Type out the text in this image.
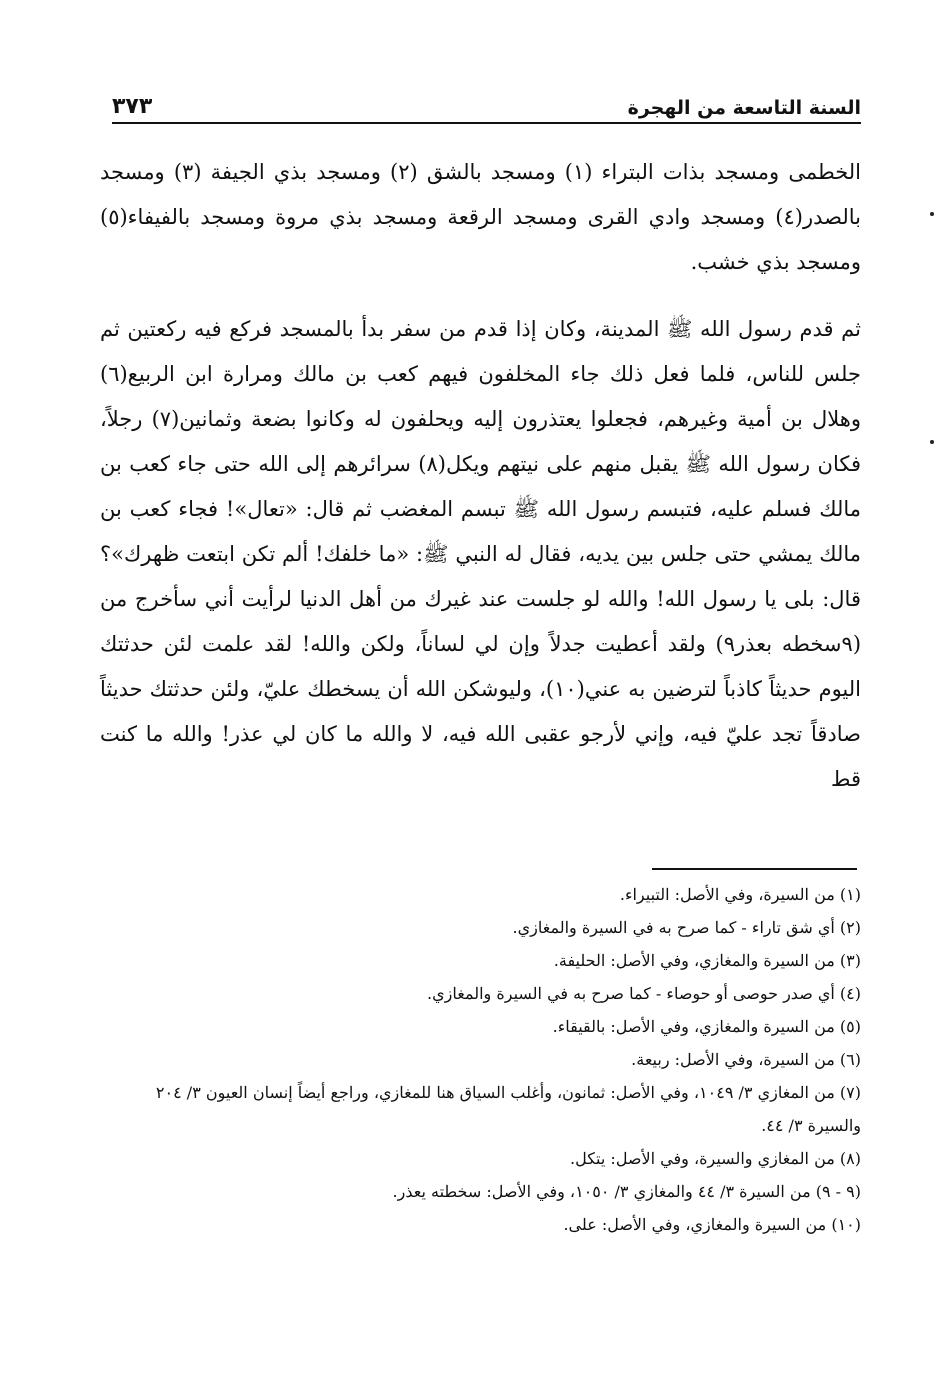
السنة التاسعة من الهجرة
٣٧٣

الخطمى ومسجد بذات البتراء (١) ومسجد بالشق (٢) ومسجد بذي الجيفة (٣) ومسجد بالصدر(٤) ومسجد وادي القرى ومسجد الرقعة ومسجد بذي مروة ومسجد بالفيفاء(٥) ومسجد بذي خشب.

ثم قدم رسول الله ﷺ المدينة، وكان إذا قدم من سفر بدأ بالمسجد فركع فيه ركعتين ثم جلس للناس، فلما فعل ذلك جاء المخلفون فيهم كعب بن مالك ومرارة ابن الربيع(٦) وهلال بن أمية وغيرهم، فجعلوا يعتذرون إليه ويحلفون له وكانوا بضعة وثمانين(٧) رجلاً، فكان رسول الله ﷺ يقبل منهم على نيتهم ويكل(٨) سرائرهم إلى الله حتى جاء كعب بن مالك فسلم عليه، فتبسم رسول الله ﷺ تبسم المغضب ثم قال: «تعال»! فجاء كعب بن مالك يمشي حتى جلس بين يديه، فقال له النبي ﷺ: «ما خلفك! ألم تكن ابتعت ظهرك»؟ قال: بلى يا رسول الله! والله لو جلست عند غيرك من أهل الدنيا لرأيت أني سأخرج من (٩سخطه بعذر٩) ولقد أعطيت جدلاً وإن لي لساناً، ولكن والله! لقد علمت لئن حدثتك اليوم حديثاً كاذباً لترضين به عني(١٠)، وليوشكن الله أن يسخطك عليّ، ولئن حدثتك حديثاً صادقاً تجد عليّ فيه، وإني لأرجو عقبى الله فيه، لا والله ما كان لي عذر! والله ما كنت قط

(١) من السيرة، وفي الأصل: التبيراء.

(٢) أي شق تاراء - كما صرح به في السيرة والمغازي.

(٣) من السيرة والمغازي، وفي الأصل: الحليفة.

(٤) أي صدر حوصى أو حوصاء - كما صرح به في السيرة والمغازي.

(٥) من السيرة والمغازي، وفي الأصل: بالقيقاء.

(٦) من السيرة، وفي الأصل: ربيعة.

(٧) من المغازي ٣/ ١٠٤٩، وفي الأصل: ثمانون، وأغلب السياق هنا للمغازي، وراجع أيضاً إنسان العيون ٣/ ٢٠٤ والسيرة ٣/ ٤٤.

(٨) من المغازي والسيرة، وفي الأصل: يتكل.

(٩ - ٩) من السيرة ٣/ ٤٤ والمغازي ٣/ ١٠٥٠، وفي الأصل: سخطته يعذر.

(١٠) من السيرة والمغازي، وفي الأصل: على.
